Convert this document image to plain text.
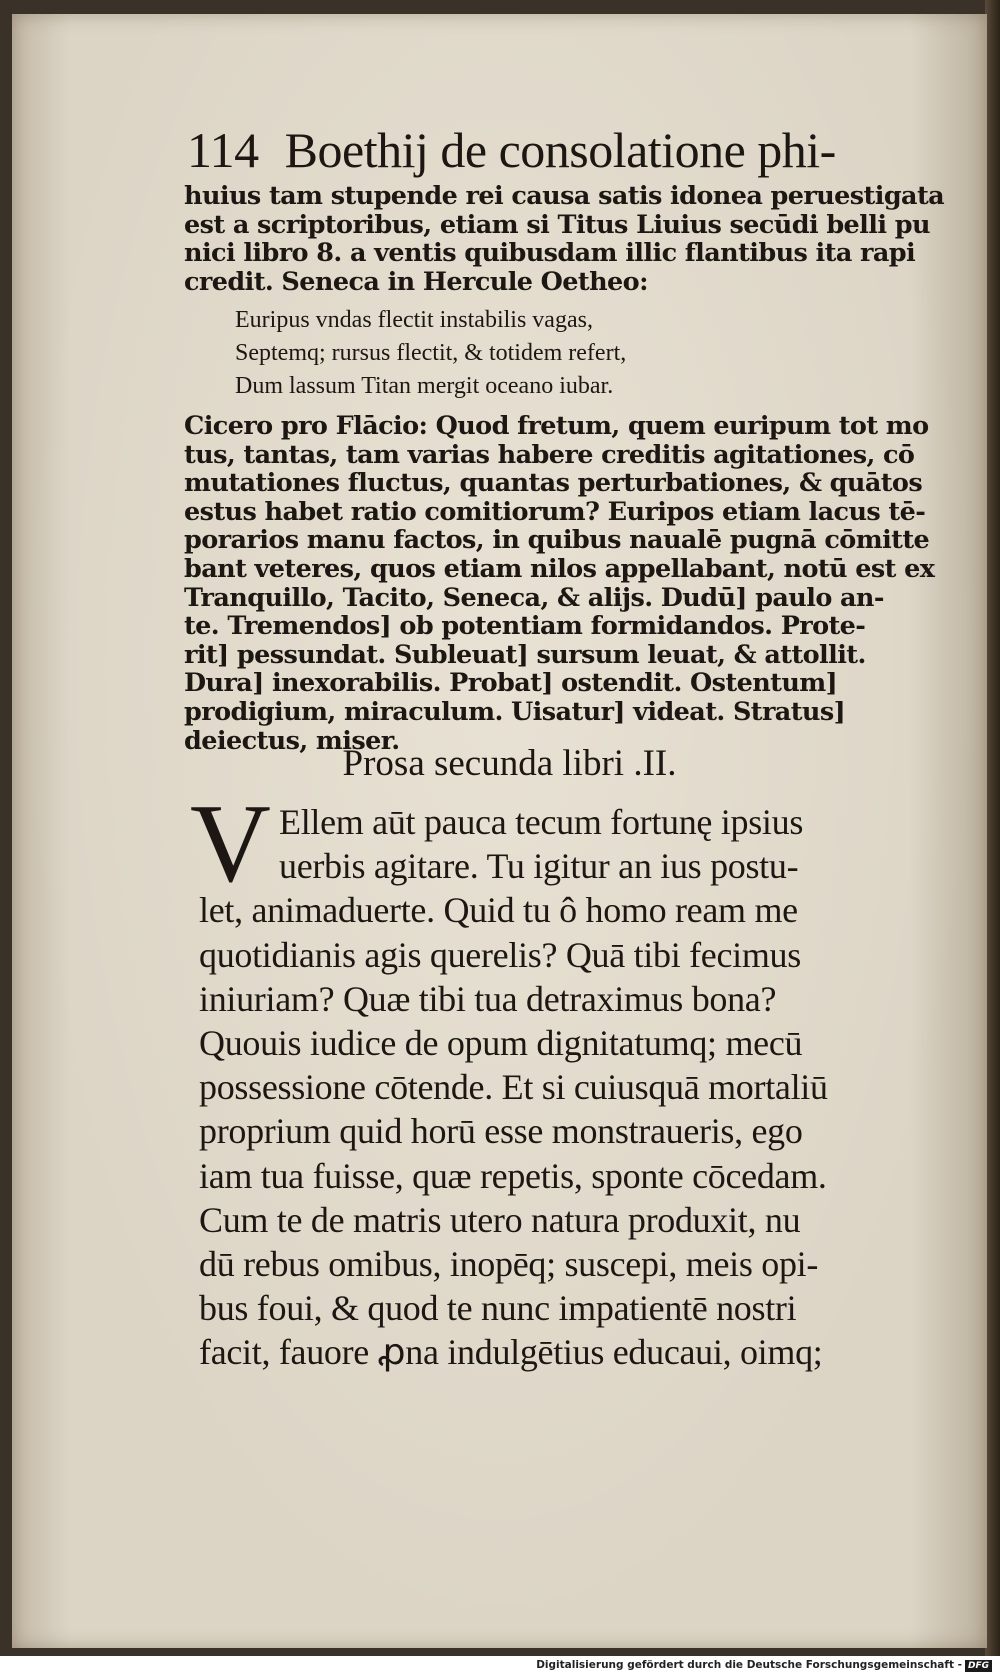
114 Boethij de consolatione phi-
huius tam stupende rei causa satis idonea peruestigata
est a scriptoribus, etiam si Titus Liuius secūdi belli pu
nici libro 8. a ventis quibusdam illic flantibus ita rapi
credit. Seneca in Hercule Oetheo:
Euripus vndas flectit instabilis vagas,
Septemq; rursus flectit, & totidem refert,
Dum lassum Titan mergit oceano iubar.
Cicero pro Flācio: Quod fretum, quem euripum tot mo
tus, tantas, tam varias habere creditis agitationes, cō
mutationes fluctus, quantas perturbationes, & quātos
estus habet ratio comitiorum? Euripos etiam lacus tē-
porarios manu factos, in quibus naualē pugnā cōmitte
bant veteres, quos etiam nilos appellabant, notū est ex
Tranquillo, Tacito, Seneca, & alijs. Dudū] paulo an-
te. Tremendos] ob potentiam formidandos. Prote-
rit] pessundat. Subleuat] sursum leuat, & attollit.
Dura] inexorabilis. Probat] ostendit. Ostentum]
prodigium, miraculum. Uisatur] videat. Stratus]
deiectus, miser.
Prosa secunda libri .II.
V Ellem aūt pauca tecum fortunę ipsius
uerbis agitare. Tu igitur an ius postu-
let, animaduerte. Quid tu ô homo ream me
quotidianis agis querelis? Quā tibi fecimus
iniuriam? Quæ tibi tua detraximus bona?
Quouis iudice de opum dignitatumq; mecū
possessione cōtende. Et si cuiusquā mortaliū
proprium quid horū esse monstraueris, ego
iam tua fuisse, quæ repetis, sponte cōcedam.
Cum te de matris utero natura produxit, nu
dū rebus omibus, inopēq; suscepi, meis opi-
bus foui, & quod te nunc impatientē nostri
facit, fauore ꝓna indulgētius educaui, oimq;
Digitalisierung gefördert durch die Deutsche Forschungsgemeinschaft - DFG
